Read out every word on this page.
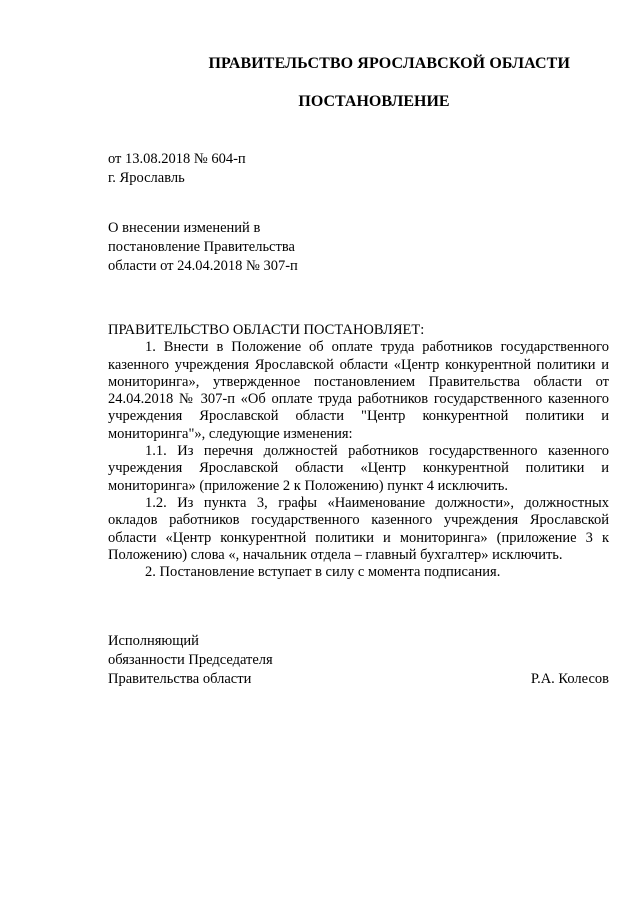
ПРАВИТЕЛЬСТВО ЯРОСЛАВСКОЙ ОБЛАСТИ
ПОСТАНОВЛЕНИЕ
от 13.08.2018 № 604-п
г. Ярославль
О внесении изменений в
постановление Правительства
области от 24.04.2018 № 307-п
ПРАВИТЕЛЬСТВО ОБЛАСТИ ПОСТАНОВЛЯЕТ:

1. Внести в Положение об оплате труда работников государственного казенного учреждения Ярославской области «Центр конкурентной политики и мониторинга», утвержденное постановлением Правительства области от 24.04.2018 № 307-п «Об оплате труда работников государственного казенного учреждения Ярославской области "Центр конкурентной политики и мониторинга"», следующие изменения:

1.1. Из перечня должностей работников государственного казенного учреждения Ярославской области «Центр конкурентной политики и мониторинга» (приложение 2 к Положению) пункт 4 исключить.

1.2. Из пункта 3, графы «Наименование должности», должностных окладов работников государственного казенного учреждения Ярославской области «Центр конкурентной политики и мониторинга» (приложение 3 к Положению) слова «, начальник отдела – главный бухгалтер» исключить.

2. Постановление вступает в силу с момента подписания.

Исполняющий
обязанности Председателя
Правительства области	Р.А. Колесов
